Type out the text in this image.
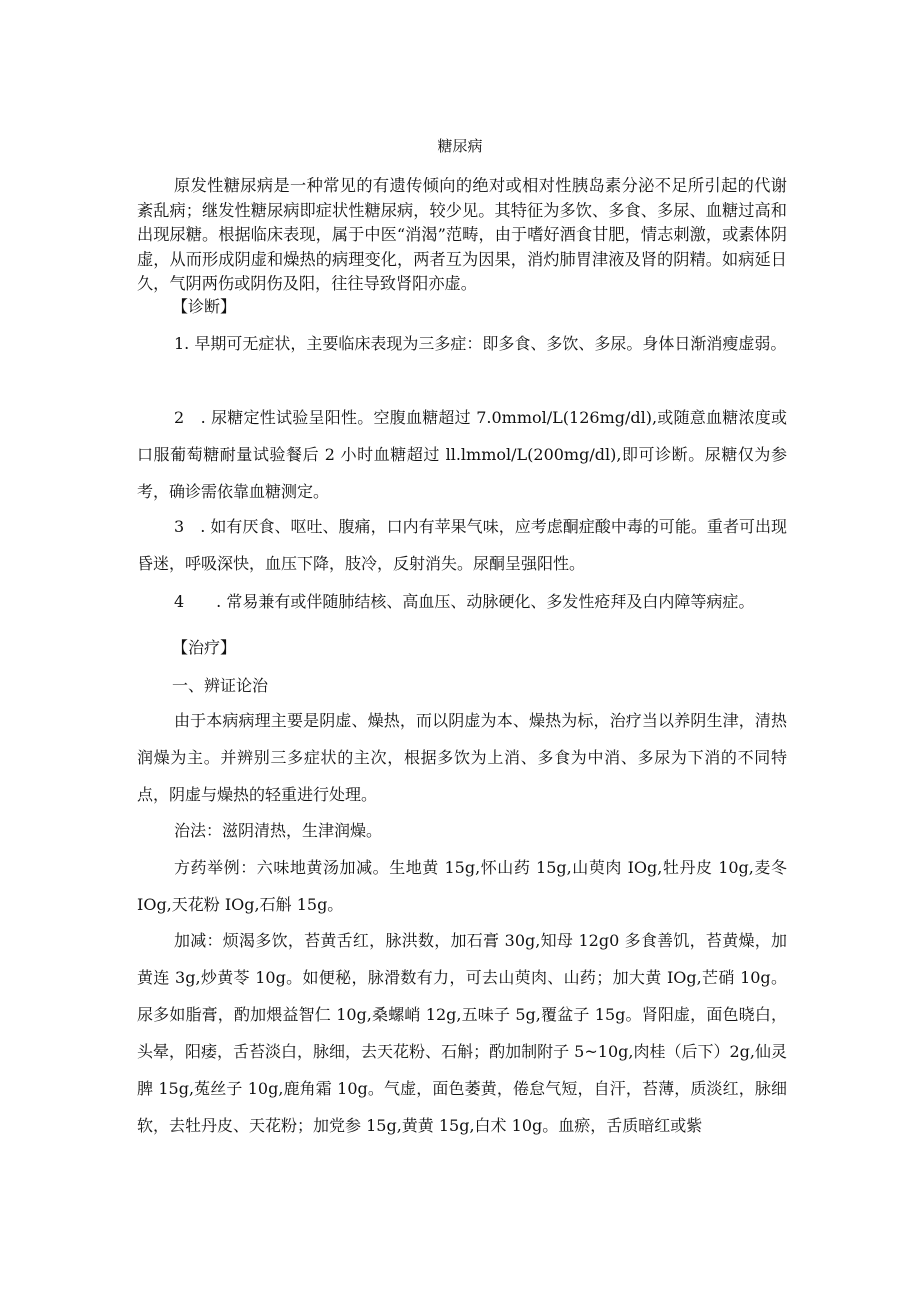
糖尿病

原发性糖尿病是一种常见的有遗传倾向的绝对或相对性胰岛素分泌不足所引起的代谢紊乱病；继发性糖尿病即症状性糖尿病，较少见。其特征为多饮、多食、多尿、血糖过高和出现尿糖。根据临床表现，属于中医“消渴”范畴，由于嗜好酒食甘肥，情志刺激，或素体阴虚，从而形成阴虚和燥热的病理变化，两者互为因果，消灼肺胃津液及肾的阴精。如病延日久，气阴两伤或阴伤及阳，往往导致肾阳亦虚。

【诊断】

1. 早期可无症状，主要临床表现为三多症：即多食、多饮、多尿。身体日渐消瘦虚弱。

2　. 尿糖定性试验呈阳性。空腹血糖超过 7.0mmol/L(126mg/dl),或随意血糖浓度或口服葡萄糖耐量试验餐后 2 小时血糖超过 ll.lmmol/L(200mg/dl),即可诊断。尿糖仅为参考，确诊需依靠血糖测定。

3　. 如有厌食、呕吐、腹痛，口内有苹果气味，应考虑酮症酸中毒的可能。重者可出现昏迷，呼吸深快，血压下降，肢冷，反射消失。尿酮呈强阳性。

4　　. 常易兼有或伴随肺结核、高血压、动脉硬化、多发性疮拜及白内障等病症。

【治疗】
一、辨证论治

由于本病病理主要是阴虚、燥热，而以阴虚为本、燥热为标，治疗当以养阴生津，清热润燥为主。并辨别三多症状的主次，根据多饮为上消、多食为中消、多尿为下消的不同特点，阴虚与燥热的轻重进行处理。

治法：滋阴清热，生津润燥。

方药举例：六味地黄汤加减。生地黄 15g,怀山药 15g,山萸肉 IOg,牡丹皮 10g,麦冬 IOg,天花粉 IOg,石斛 15g。

加减：烦渴多饮，苔黄舌红，脉洪数，加石膏 30g,知母 12g0 多食善饥，苔黄燥，加黄连 3g,炒黄苓 10g。如便秘，脉滑数有力，可去山萸肉、山药；加大黄 IOg,芒硝 10g。尿多如脂膏，酌加煨益智仁 10g,桑螺峭 12g,五味子 5g,覆盆子 15g。肾阳虚，面色晓白，头晕，阳痿，舌苔淡白，脉细，去天花粉、石斛；酌加制附子 5~10g,肉桂（后下）2g,仙灵脾 15g,菟丝子 10g,鹿角霜 10g。气虚，面色萎黄，倦怠气短，自汗，苔薄，质淡红，脉细软，去牡丹皮、天花粉；加党参 15g,黄黄 15g,白术 10g。血瘀，舌质暗红或紫
